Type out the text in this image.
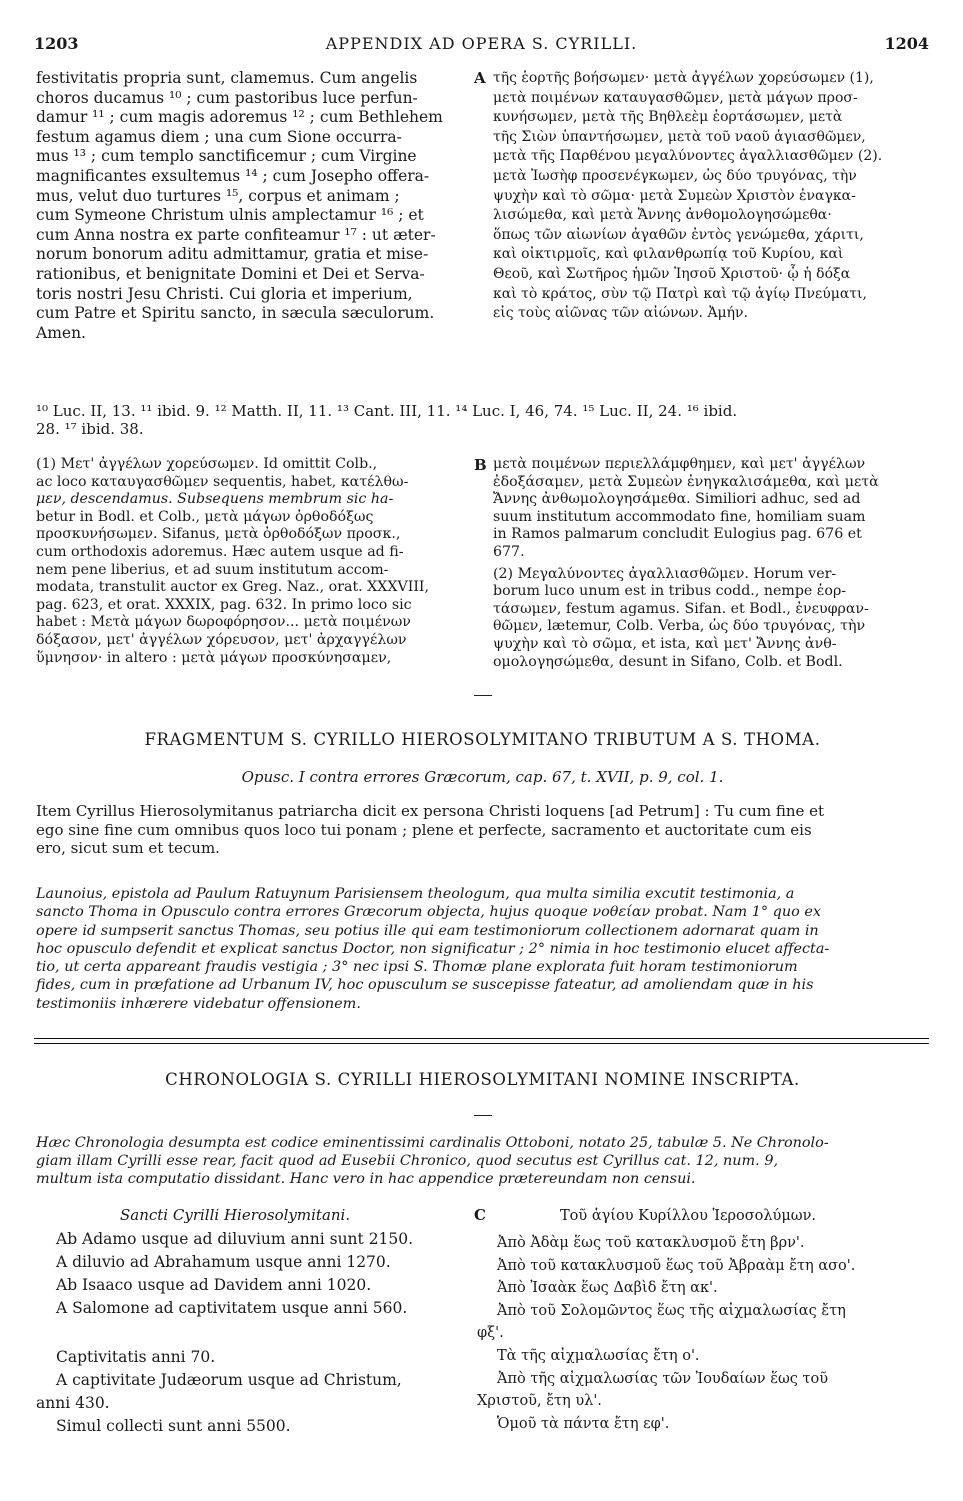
1203	APPENDIX AD OPERA S. CYRILLI.	1204
festivitatis propria sunt, clamemus. Cum angelis
choros ducamus ¹⁰ ; cum pastoribus luce perfun-
damur ¹¹ ; cum magis adoremus ¹² ; cum Bethlehem
festum agamus diem ; una cum Sione occurra-
mus ¹³ ; cum templo sanctificemur ; cum Virgine
magnificantes exsultemus ¹⁴ ; cum Josepho offera-
mus, velut duo turtures ¹⁵, corpus et animam ;
cum Symeone Christum ulnis amplectamur ¹⁶ ; et
cum Anna nostra ex parte confiteamur ¹⁷ : ut æter-
norum bonorum aditu admittamur, gratia et mise-
rationibus, et benignitate Domini et Dei et Serva-
toris nostri Jesu Christi. Cui gloria et imperium,
cum Patre et Spiritu sancto, in sæcula sæculorum.
Amen.
A τῆς ἑορτῆς βοήσωμεν· μετὰ ἀγγέλων χορεύσωμεν (1),
μετὰ ποιμένων καταυγασθῶμεν, μετὰ μάγων προσ-
κυνήσωμεν, μετὰ τῆς Βηθλεὲμ ἑορτάσωμεν, μετὰ
τῆς Σιὼν ὑπαντήσωμεν, μετὰ τοῦ ναοῦ ἁγιασθῶμεν,
μετὰ τῆς Παρθένου μεγαλύνοντες ἀγαλλιασθῶμεν (2).
μετὰ Ἰωσὴφ προσενέγκωμεν, ὡς δύο τρυγόνας, τὴν
ψυχὴν καὶ τὸ σῶμα· μετὰ Συμεὼν Χριστὸν ἐναγκα-
λισώμεθα, καὶ μετὰ Ἄννης ἀνθομολογησώμεθα·
ὅπως τῶν αἰωνίων ἀγαθῶν ἐντὸς γενώμεθα, χάριτι,
καὶ οἰκτιρμοῖς, καὶ φιλανθρωπίᾳ τοῦ Κυρίου, καὶ
Θεοῦ, καὶ Σωτῆρος ἡμῶν Ἰησοῦ Χριστοῦ· ᾧ ἡ δόξα
καὶ τὸ κράτος, σὺν τῷ Πατρὶ καὶ τῷ ἁγίῳ Πνεύματι,
εἰς τοὺς αἰῶνας τῶν αἰώνων. Ἀμήν.
¹⁰ Luc. II, 13. ¹¹ ibid. 9. ¹² Matth. II, 11. ¹³ Cant. III, 11. ¹⁴ Luc. I, 46, 74. ¹⁵ Luc. II, 24. ¹⁶ ibid.
28. ¹⁷ ibid. 38.
(1) Μετ' ἀγγέλων χορεύσωμεν. Id omittit Colb.,
ac loco καταυγασθῶμεν sequentis, habet, κατέλθω-
μεν, descendamus. Subsequens membrum sic ha-
betur in Bodl. et Colb., μετὰ μάγων ὀρθοδόξως
προσκυνήσωμεν. Sifanus, μετὰ ὀρθοδόξων προσκ.,
cum orthodoxis adoremus. Hæc autem usque ad fi-
nem pene liberius, et ad suum institutum accom-
modata, transtulit auctor ex Greg. Naz., orat. XXXVIII,
pag. 623, et orat. XXXIX, pag. 632. In primo loco sic
habet : Μετὰ μάγων δωροφόρησον... μετὰ ποιμένων
δόξασον, μετ' ἀγγέλων χόρευσον, μετ' ἀρχαγγέλων
ὕμνησον· in altero : μετὰ μάγων προσκύνησαμεν,
B μετὰ ποιμένων περιελλάμφθημεν, καὶ μετ' ἀγγέλων
ἐδοξάσαμεν, μετὰ Συμεὼν ἐνηγκαλισάμεθα, καὶ μετὰ
Ἄννης ἀνθωμολογησάμεθα. Similiori adhuc, sed ad
suum institutum accommodato fine, homiliam suam
in Ramos palmarum concludit Eulogius pag. 676 et
677.
(2) Μεγαλύνοντες ἀγαλλιασθῶμεν. Horum ver-
borum luco unum est in tribus codd., nempe ἑορ-
τάσωμεν, festum agamus. Sifan. et Bodl., ἐνευφραν-
θῶμεν, lætemur, Colb. Verba, ὡς δύο τρυγόνας, τὴν
ψυχὴν καὶ τὸ σῶμα, et ista, καὶ μετ' Ἄννης ἀνθ-
ομολογησώμεθα, desunt in Sifano, Colb. et Bodl.
FRAGMENTUM S. CYRILLO HIEROSOLYMITANO TRIBUTUM A S. THOMA.
Opusc. I contra errores Græcorum, cap. 67, t. XVII, p. 9, col. 1.
Item Cyrillus Hierosolymitanus patriarcha dicit ex persona Christi loquens [ad Petrum] : Tu cum fine et
ego sine fine cum omnibus quos loco tui ponam ; plene et perfecte, sacramento et auctoritate cum eis
ero, sicut sum et tecum.
Launoius, epistola ad Paulum Ratuynum Parisiensem theologum, qua multa similia excutit testimonia, a
sancto Thoma in Opusculo contra errores Græcorum objecta, hujus quoque νοθείαν probat. Nam 1° quo ex
opere id sumpserit sanctus Thomas, seu potius ille qui eam testimoniorum collectionem adornarat quam in
hoc opusculo defendit et explicat sanctus Doctor, non significatur ; 2° nimia in hoc testimonio elucet affecta-
tio, ut certa appareant fraudis vestigia ; 3° nec ipsi S. Thomæ plane explorata fuit horam testimoniorum
fides, cum in præfatione ad Urbanum IV, hoc opusculum se suscepisse fateatur, ad amoliendam quæ in his
testimoniis inhærere videbatur offensionem.
CHRONOLOGIA S. CYRILLI HIEROSOLYMITANI NOMINE INSCRIPTA.
Hæc Chronologia desumpta est codice eminentissimi cardinalis Ottoboni, notato 25, tabulæ 5. Ne Chronolo-
giam illam Cyrilli esse rear, facit quod ad Eusebii Chronico, quod secutus est Cyrillus cat. 12, num. 9,
multum ista computatio dissidant. Hanc vero in hac appendice prætereundam non censui.
Sancti Cyrilli Hierosolymitani.	C	Τοῦ ἁγίου Κυρίλλου Ἱεροσολύμων.
Ab Adamo usque ad diluvium anni sunt 2150.
A diluvio ad Abrahamum usque anni 1270.
Ab Isaaco usque ad Davidem anni 1020.
A Salomone ad captivitatem usque anni 560.
Captivitatis anni 70.
A captivitate Judæorum usque ad Christum,
anni 430.
Simul collecti sunt anni 5500.
Ἀπὸ Ἀδὰμ ἕως τοῦ κατακλυσμοῦ ἔτη βρν'.
Ἀπὸ τοῦ κατακλυσμοῦ ἕως τοῦ Ἀβραὰμ ἔτη ασο'.
Ἀπὸ Ἰσαὰκ ἕως Δαβὶδ ἔτη ακ'.
Ἀπὸ τοῦ Σολομῶντος ἕως τῆς αἰχμαλωσίας ἔτη
φξ'.
Τὰ τῆς αἰχμαλωσίας ἔτη ο'.
Ἀπὸ τῆς αἰχμαλωσίας τῶν Ἰουδαίων ἕως τοῦ
Χριστοῦ, ἔτη υλ'.
Ὁμοῦ τὰ πάντα ἔτη εφ'.
